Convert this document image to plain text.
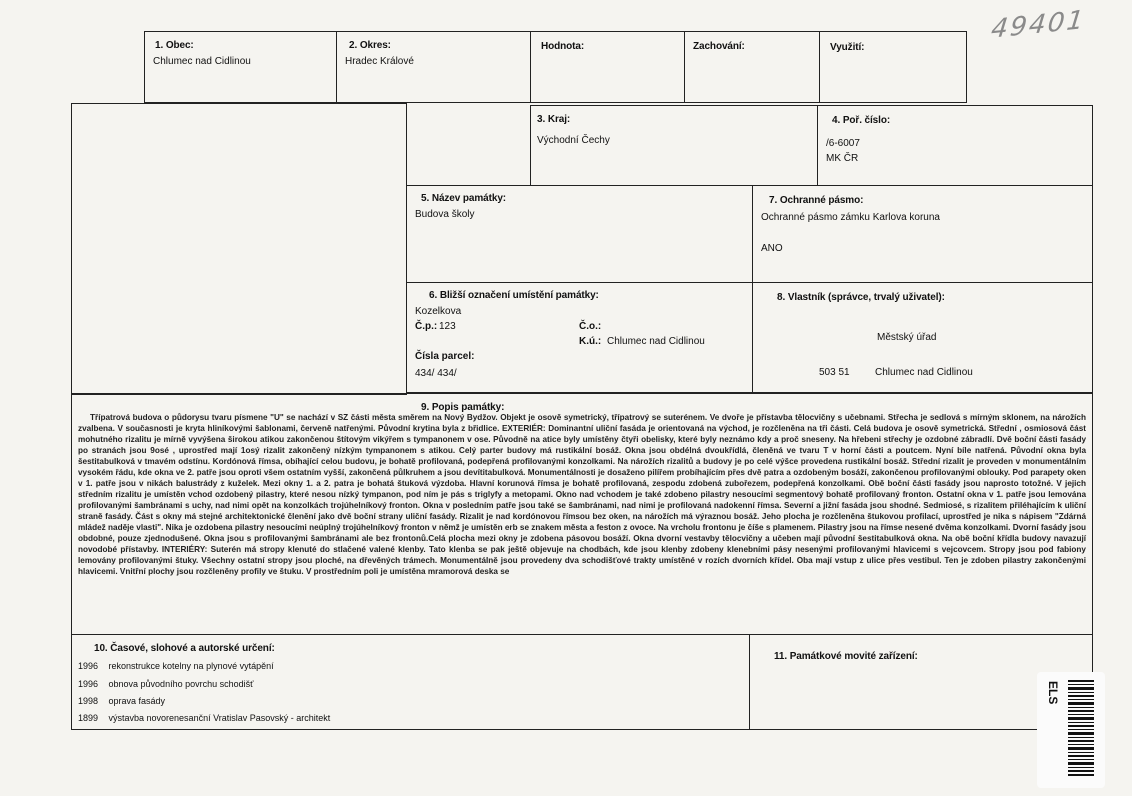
49401
1. Obec:
Chlumec nad Cidlinou
2. Okres:
Hradec Králové
Hodnota:	Zachování:	Využití:
3. Kraj:
Východní Čechy
4. Poř. číslo:
/6-6007
MK ČR
5. Název památky:
Budova školy
7. Ochranné pásmo:
Ochranné pásmo zámku Karlova koruna
ANO
6. Bližší označení umístění památky:
Kozelkova
Č.p.: 123	Č.o.:
K.ú.: Chlumec nad Cidlinou
Čísla parcel:
434/ 434/
8. Vlastník (správce, trvalý uživatel):
Městský úřad
503 51	Chlumec nad Cidlinou
9. Popis památky:
Třípatrová budova o půdorysu tvaru písmene "U" se nachází v SZ části města směrem na Nový Bydžov. Objekt je osově symetrický, třípatrový se suterénem. Ve dvoře je přístavba tělocvičny s učebnami. Střecha je sedlová s mírným sklonem, na nárožích zvalbena. V současnosti je kryta hliníkovými šablonami, červeně natřenými. Původní krytina byla z břidlice. EXTERIÉR: Dominantní uliční fasáda je orientovaná na východ, je rozčleněna na tři části. Celá budova je osově symetrická. Střední , osmiosová část mohutného rizalitu je mírně vyvýšena širokou atikou zakončenou štítovým vikýřem s tympanonem v ose. Původně na atice byly umístěny čtyři obelisky, které byly neznámo kdy a proč sneseny. Na hřebeni střechy je ozdobné zábradlí. Dvě boční části fasády po stranách jsou 9osé , uprostřed mají 1osý rizalit zakončený nízkým tympanonem s atikou. Celý parter budovy má rustikální bosáž. Okna jsou obdélná dvoukřídlá, členěná ve tvaru T v horní části a poutcem. Nyní bíle natřená. Původní okna byla šestitabulková v tmavém odstínu. Kordónová římsa, obíhající celou budovu, je bohatě profilovaná, podepřená profilovanými konzolkami. Na nárožích rizalitů a budovy je po celé výšce provedena rustikální bosáž. Střední rizalit je proveden v monumentálním vysokém řádu, kde okna ve 2. patře jsou oproti všem ostatním vyšší, zakončená půlkruhem a jsou devítitabulková. Monumentálnosti je dosaženo pilířem probíhajícím přes dvě patra a ozdobeným bosáží, zakončenou profilovanými oblouky. Pod parapety oken v 1. patře jsou v nikách balustrády z kuželek. Mezi okny 1. a 2. patra je bohatá štuková výzdoba. Hlavní korunová římsa je bohatě profilovaná, zespodu zdobená zubořezem, podepřená konzolkami. Obě boční části fasády jsou naprosto totožné. V jejich středním rizalitu je umístěn vchod ozdobený pilastry, které nesou nízký tympanon, pod ním je pás s triglyfy a metopami. Okno nad vchodem je také zdobeno pilastry nesoucími segmentový bohatě profilovaný fronton. Ostatní okna v 1. patře jsou lemována profilovanými šambránami s uchy, nad nimi opět na konzolkách trojúhelníkový fronton. Okna v posledním patře jsou také se šambránami, nad nimi je profilovaná nadokenní římsa. Severní a jižní fasáda jsou shodné. Sedmiosé, s rizalitem přiléhajícím k uliční straně fasády. Část s okny má stejné architektonické členění jako dvě boční strany uliční fasády. Rizalit je nad kordónovou římsou bez oken, na nárožích má výraznou bosáž. Jeho plocha je rozčleněna štukovou profilací, uprostřed je nika s nápisem "Zdárná mládež naděje vlasti". Nika je ozdobena pilastry nesoucími neúplný trojúhelníkový fronton v němž je umístěn erb se znakem města a feston z ovoce. Na vrcholu frontonu je číše s plamenem. Pilastry jsou na římse nesené dvěma konzolkami. Dvorní fasády jsou obdobné, pouze zjednodušené. Okna jsou s profilovanými šambránami ale bez frontonů.Celá plocha mezi okny je zdobena pásovou bosáží. Okna dvorní vestavby tělocvičny a učeben mají původní šestitabulková okna. Na obě boční křídla budovy navazují novodobé přístavby. INTERIÉRY: Suterén má stropy klenuté do stlačené valené klenby. Tato klenba se pak ještě objevuje na chodbách, kde jsou klenby zdobeny klenebními pásy nesenými profilovanými hlavicemi s vejcovcem. Stropy jsou pod fabiony lemovány profilovanými štuky. Všechny ostatní stropy jsou ploché, na dřevěných trámech. Monumentálně jsou provedeny dva schodišťové trakty umístěné v rozích dvorních křídel. Oba mají vstup z ulice přes vestibul. Ten je zdoben pilastry zakončenými hlavicemi. Vnitřní plochy jsou rozčleněny profily ve štuku. V prostředním poli je umístěna mramorová deska se
10. Časové, slohové a autorské určení:
1996 rekonstrukce kotelny na plynové vytápění
1996 obnova původního povrchu schodišť
1998 oprava fasády
1899 výstavba novorenesanční Vratislav Pasovský - architekt
11. Památkové movité zařízení:
ELS
